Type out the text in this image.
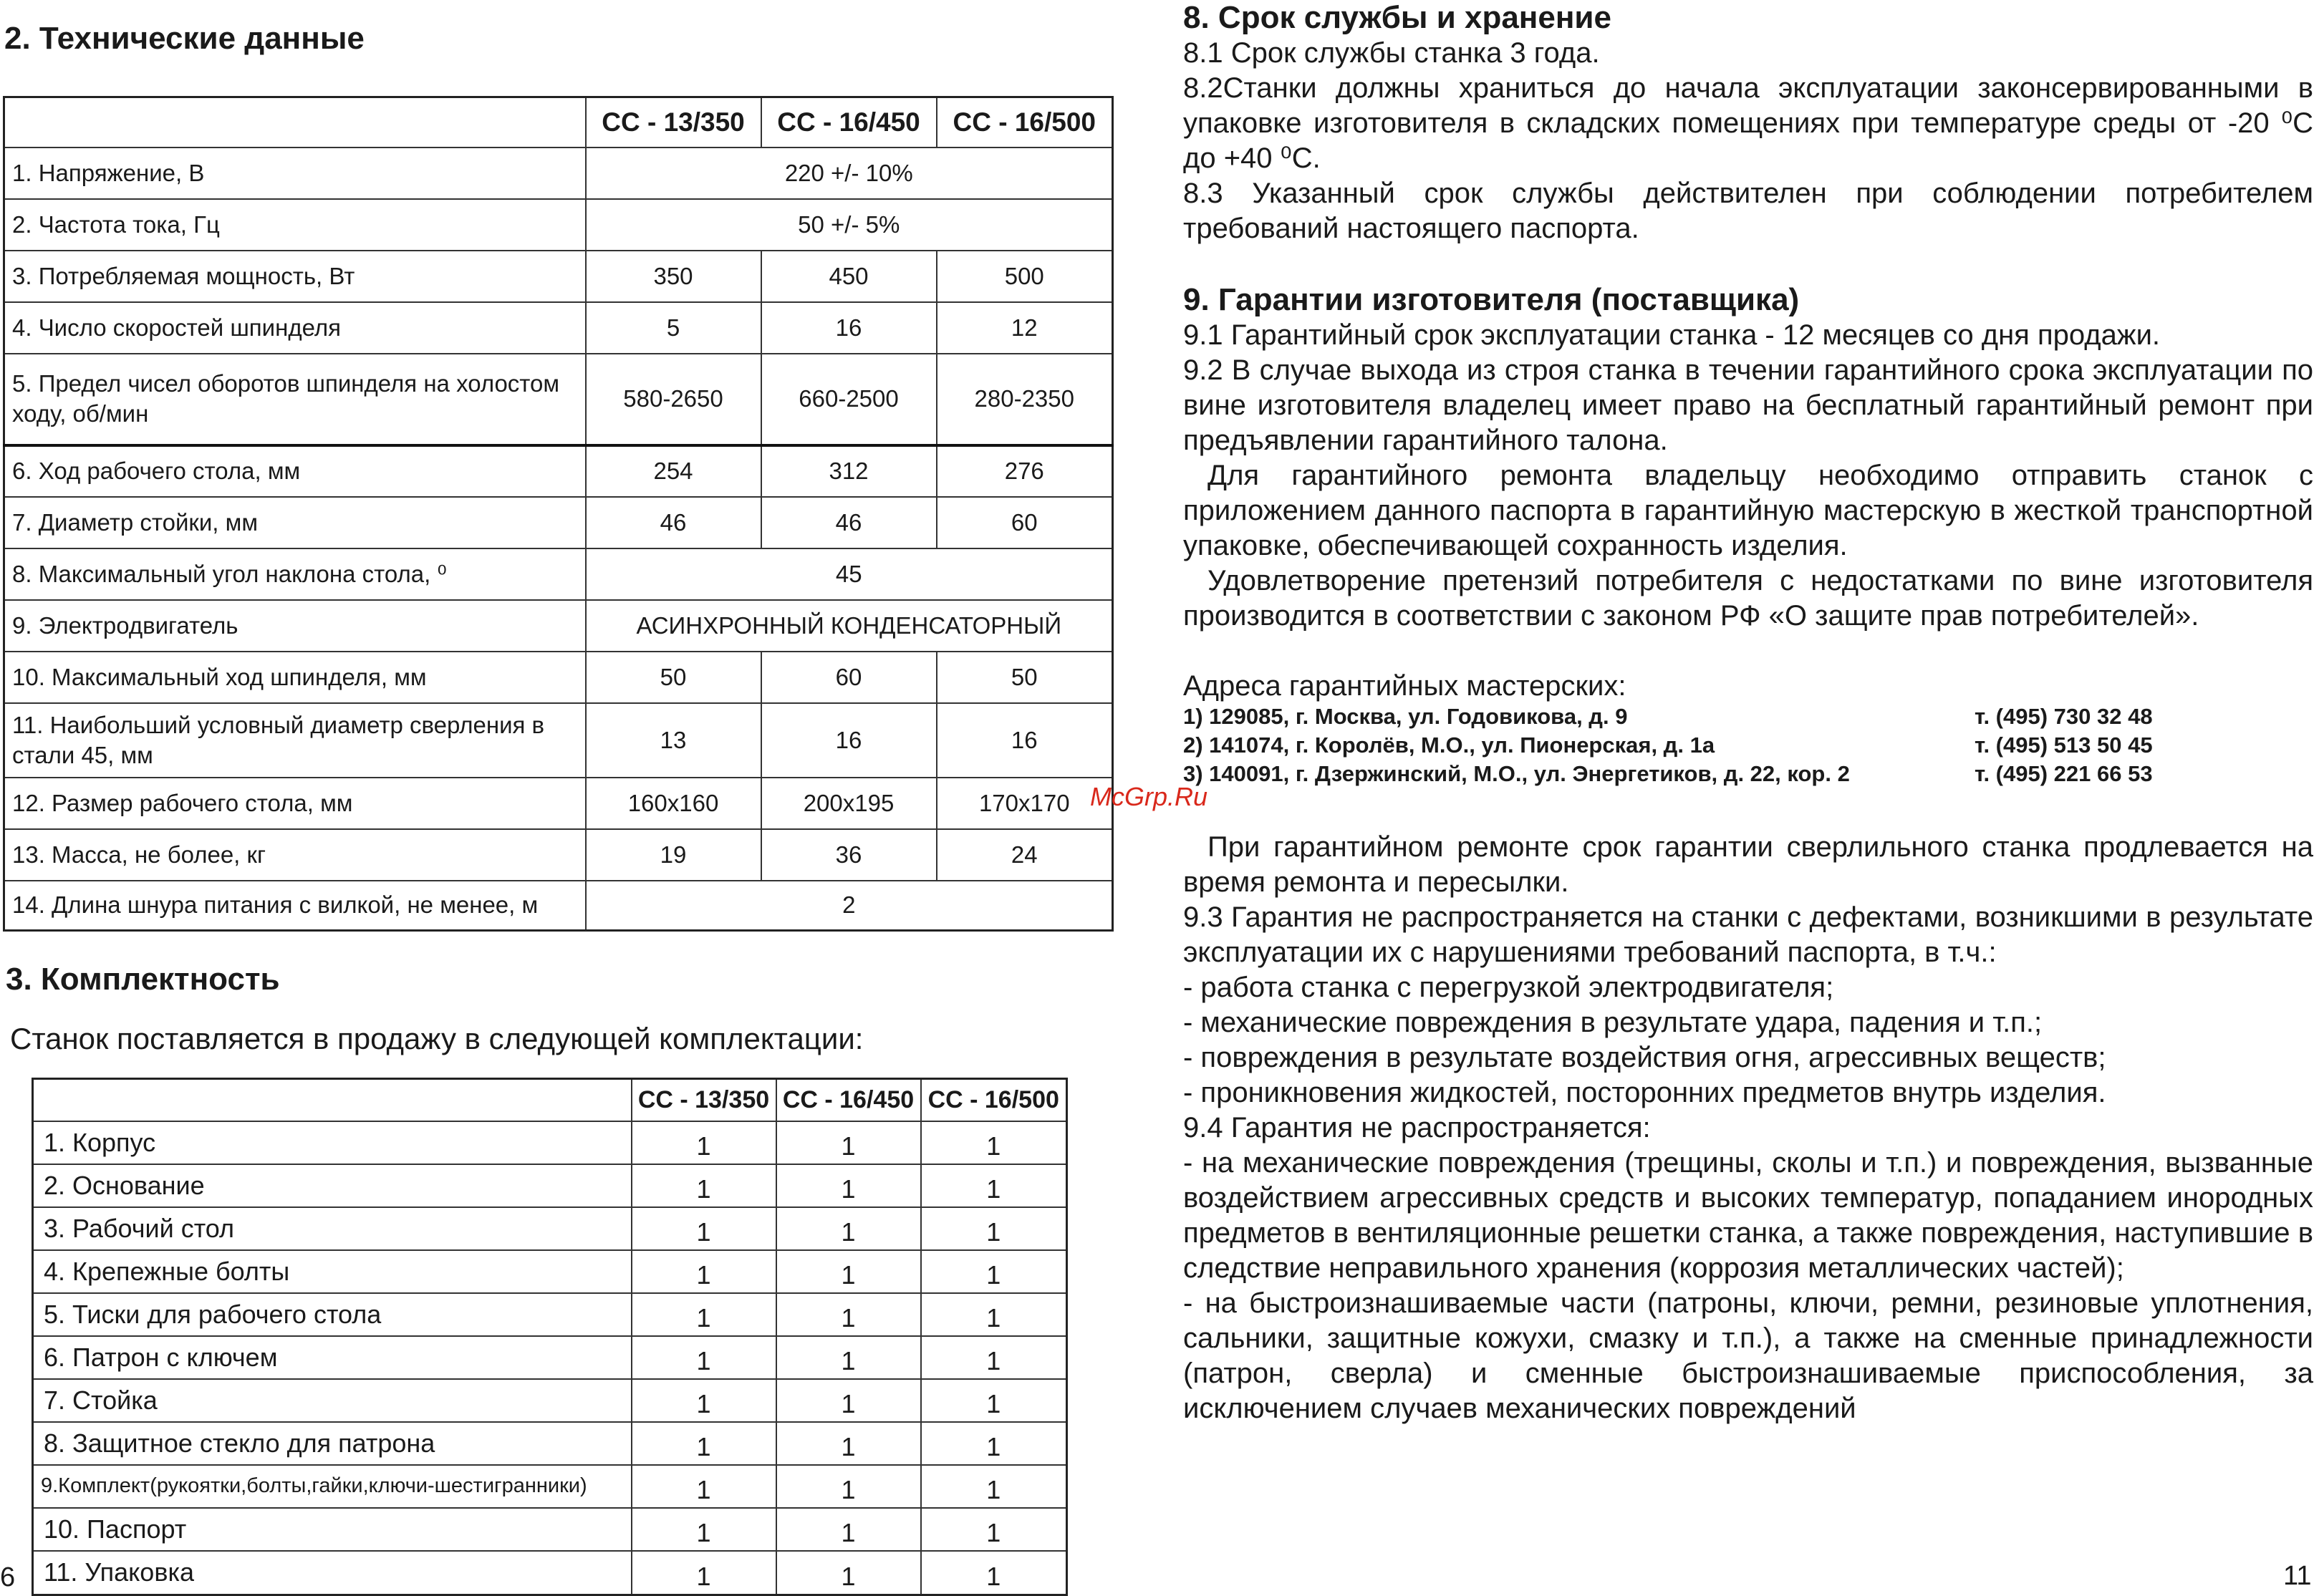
2. Технические данные
	СС - 13/350	СС - 16/450	СС - 16/500
1. Напряжение, В	220 +/- 10%		
2. Частота тока, Гц	50 +/- 5%		
3. Потребляемая мощность, Вт	350	450	500
4. Число скоростей шпинделя	5	16	12
5. Предел чисел оборотов шпинделя на холостом ходу, об/мин	580-2650	660-2500	280-2350
6. Ход рабочего стола, мм	254	312	276
7. Диаметр стойки, мм	46	46	60
8. Максимальный угол наклона стола, ⁰	45		
9. Электродвигатель	АСИНХРОННЫЙ КОНДЕНСАТОРНЫЙ		
10. Максимальный ход шпинделя, мм	50	60	50
11. Наибольший условный диаметр сверления в стали 45, мм	13	16	16
12. Размер рабочего стола, мм	160x160	200x195	170x170
13. Масса, не более, кг	19	36	24
14. Длина шнура питания с вилкой, не менее, м	2		
3. Комплектность
Станок поставляется в продажу в следующей комплектации:
	СС - 13/350	СС - 16/450	СС - 16/500
1. Корпус	1	1	1
2. Основание	1	1	1
3. Рабочий стол	1	1	1
4. Крепежные болты	1	1	1
5. Тиски для рабочего стола	1	1	1
6. Патрон с ключем	1	1	1
7. Стойка	1	1	1
8. Защитное стекло для патрона	1	1	1
9.Комплект(рукоятки,болты,гайки,ключи-шестигранники)	1	1	1
10. Паспорт	1	1	1
11. Упаковка	1	1	1
6
8. Срок службы и хранение

8.1 Срок службы станка 3 года.

8.2Станки должны храниться до начала эксплуатации законсервированными в упаковке изготовителя в складских помещениях при температуре среды от -20 ⁰С до +40 ⁰С.

8.3 Указанный срок службы действителен при соблюдении потребителем требований настоящего паспорта.

9. Гарантии изготовителя (поставщика)

9.1 Гарантийный срок эксплуатации станка - 12 месяцев со дня продажи.

9.2 В случае выхода из строя станка в течении гарантийного срока эксплуатации по вине изготовителя владелец имеет право на бесплатный гарантийный ремонт при предъявлении гарантийного талона.

Для гарантийного ремонта владельцу необходимо отправить станок с приложением данного паспорта в гарантийную мастерскую в жесткой транспортной упаковке, обеспечивающей сохранность изделия.

Удовлетворение претензий потребителя с недостатками по вине изготовителя производится в соответствии с законом РФ «О защите прав потребителей».

Адреса гарантийных мастерских:
1) 129085, г. Москва, ул. Годовикова, д. 9	т. (495) 730 32 48
2) 141074, г. Королёв, М.О., ул. Пионерская, д. 1а	т. (495) 513 50 45
3) 140091, г. Дзержинский, М.О., ул. Энергетиков, д. 22, кор. 2	т. (495) 221 66 53

При гарантийном ремонте срок гарантии сверлильного станка продлевается на время ремонта и пересылки.

9.3 Гарантия не распространяется на станки с дефектами, возникшими в результате эксплуатации их с нарушениями требований паспорта, в т.ч.:

- работа станка с перегрузкой электродвигателя;

- механические повреждения в результате удара, падения и т.п.;

- повреждения в результате воздействия огня, агрессивных веществ;

- проникновения жидкостей, посторонних предметов внутрь изделия.

9.4 Гарантия не распространяется:

- на механические повреждения (трещины, сколы и т.п.) и повреждения, вызванные воздействием агрессивных средств и высоких температур, попаданием инородных предметов в вентиляционные решетки станка, а также повреждения, наступившие в следствие неправильного хранения (коррозия металлических частей);

- на быстроизнашиваемые части (патроны, ключи, ремни, резиновые уплотнения, сальники, защитные кожухи, смазку и т.п.), а также на сменные принадлежности (патрон, сверла) и сменные быстроизнашиваемые приспособления, за исключением случаев механических повреждений

McGrp.Ru
11
